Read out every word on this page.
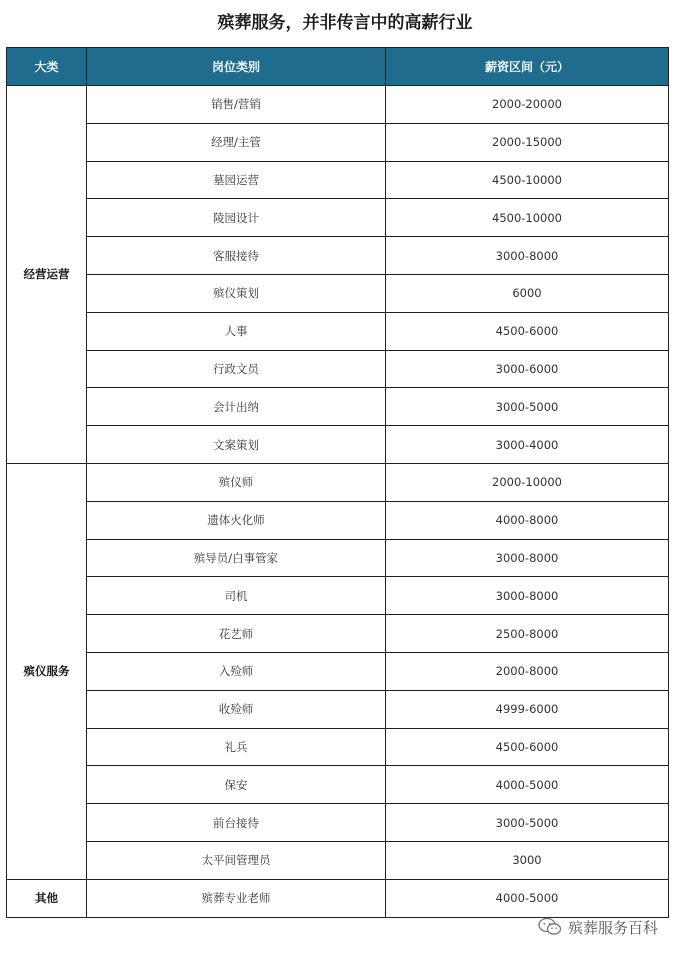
殡葬服务，并非传言中的高薪行业
大类	岗位类别	薪资区间（元）
经营运营	销售/营销	2000-20000
	经理/主管	2000-15000
	墓园运营	4500-10000
	陵园设计	4500-10000
	客服接待	3000-8000
	殡仪策划	6000
	人事	4500-6000
	行政文员	3000-6000
	会计出纳	3000-5000
	文案策划	3000-4000
殡仪服务	殡仪师	2000-10000
	遗体火化师	4000-8000
	殡导员/白事管家	3000-8000
	司机	3000-8000
	花艺师	2500-8000
	入殓师	2000-8000
	收殓师	4999-6000
	礼兵	4500-6000
	保安	4000-5000
	前台接待	3000-5000
	太平间管理员	3000
其他	殡葬专业老师	4000-5000
殡葬服务百科
